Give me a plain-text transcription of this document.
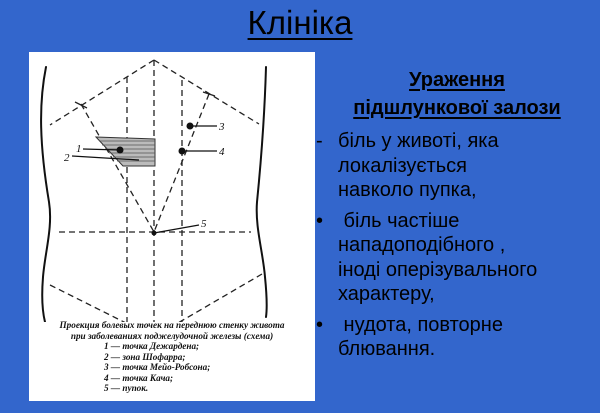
Клініка
1
2
3
4
5
Проекция болевых точек на переднюю стенку живота
при заболеваниях поджелудочной железы (схема)
1 — точка Дежардена;
2 — зона Шофарра;
3 — точка Мейо-Робсона;
4 — точка Кача;
5 — пупок.
Ураження
підшлункової залози
- біль у животі, яка
локалізується
навколо пупка,
• біль частіше
нападоподібного ,
іноді оперізувального
характеру,
• нудота, повторне
блювання.
